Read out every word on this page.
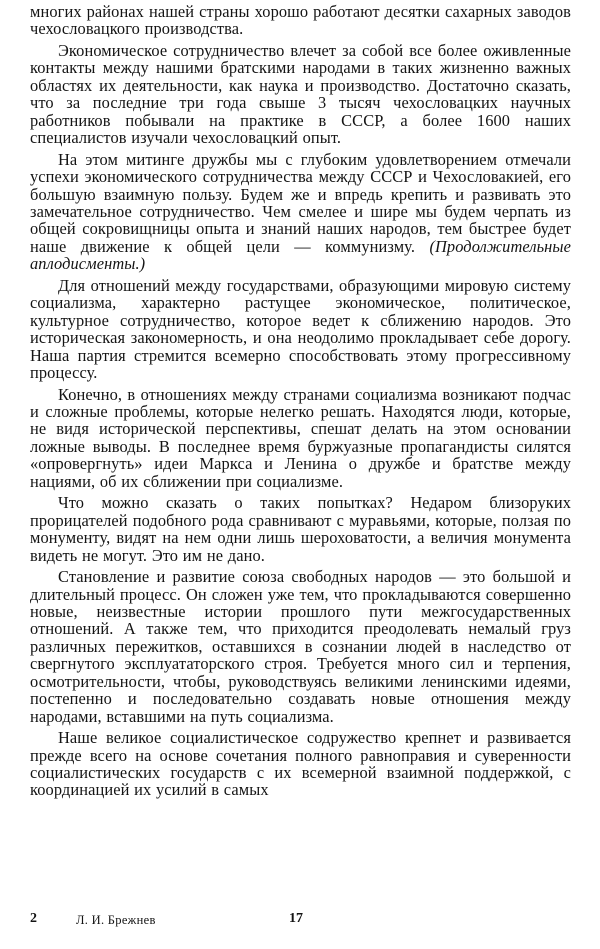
многих районах нашей страны хорошо работают десятки сахарных заводов чехословацкого производства.

Экономическое сотрудничество влечет за собой все более оживленные контакты между нашими братскими народами в таких жизненно важных областях их деятельности, как наука и производство. Достаточно сказать, что за последние три года свыше 3 тысяч чехословацких научных работников побывали на практике в СССР, а более 1600 наших специалистов изучали чехословацкий опыт.

На этом митинге дружбы мы с глубоким удовлетворением отмечали успехи экономического сотрудничества между СССР и Чехословакией, его большую взаимную пользу. Будем же и впредь крепить и развивать это замечательное сотрудничество. Чем смелее и шире мы будем черпать из общей сокровищницы опыта и знаний наших народов, тем быстрее будет наше движение к общей цели — коммунизму. (Продолжительные аплодисменты.)

Для отношений между государствами, образующими мировую систему социализма, характерно растущее экономическое, политическое, культурное сотрудничество, которое ведет к сближению народов. Это историческая закономерность, и она неодолимо прокладывает себе дорогу. Наша партия стремится всемерно способствовать этому прогрессивному процессу.

Конечно, в отношениях между странами социализма возникают подчас и сложные проблемы, которые нелегко решать. Находятся люди, которые, не видя исторической перспективы, спешат делать на этом основании ложные выводы. В последнее время буржуазные пропагандисты силятся «опровергнуть» идеи Маркса и Ленина о дружбе и братстве между нациями, об их сближении при социализме.

Что можно сказать о таких попытках? Недаром близоруких прорицателей подобного рода сравнивают с муравьями, которые, ползая по монументу, видят на нем одни лишь шероховатости, а величия монумента видеть не могут. Это им не дано.

Становление и развитие союза свободных народов — это большой и длительный процесс. Он сложен уже тем, что прокладываются совершенно новые, неизвестные истории прошлого пути межгосударственных отношений. А также тем, что приходится преодолевать немалый груз различных пережитков, оставшихся в сознании людей в наследство от свергнутого эксплуататорского строя. Требуется много сил и терпения, осмотрительности, чтобы, руководствуясь великими ленинскими идеями, постепенно и последовательно создавать новые отношения между народами, вставшими на путь социализма.

Наше великое социалистическое содружество крепнет и развивается прежде всего на основе сочетания полного равноправия и суверенности социалистических государств с их всемерной взаимной поддержкой, с координацией их усилий в самых

2	Л. И. Брежнев	17
